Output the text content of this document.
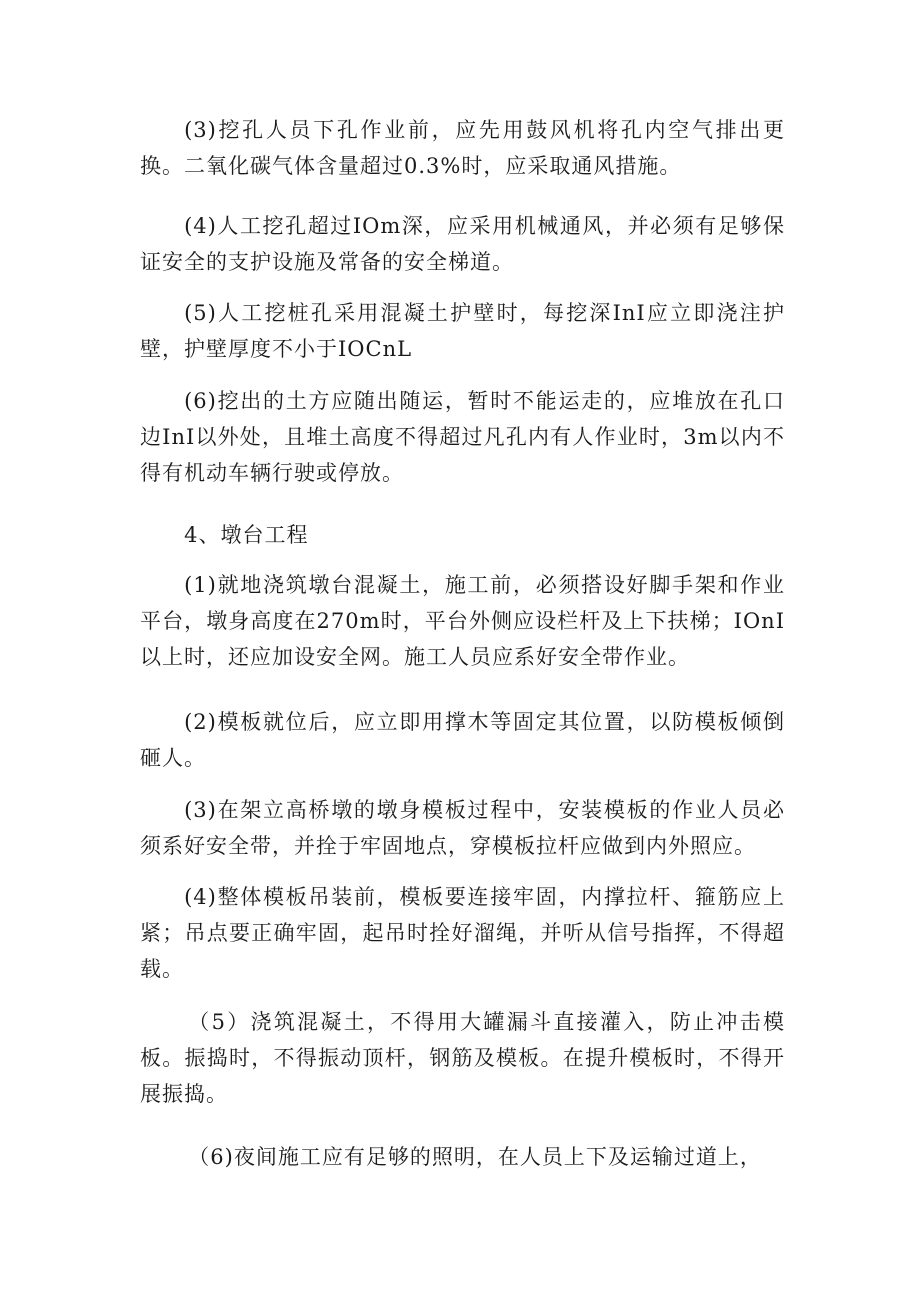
(3)挖孔人员下孔作业前，应先用鼓风机将孔内空气排出更换。二氧化碳气体含量超过0.3%时，应采取通风措施。

(4)人工挖孔超过IOm深，应采用机械通风，并必须有足够保证安全的支护设施及常备的安全梯道。

(5)人工挖桩孔采用混凝土护壁时，每挖深InI应立即浇注护壁，护壁厚度不小于IOCnL

(6)挖出的土方应随出随运，暂时不能运走的，应堆放在孔口边InI以外处，且堆土高度不得超过凡孔内有人作业时，3m以内不得有机动车辆行驶或停放。

4、墩台工程

(1)就地浇筑墩台混凝土，施工前，必须搭设好脚手架和作业平台，墩身高度在270m时，平台外侧应设栏杆及上下扶梯；IOnI以上时，还应加设安全网。施工人员应系好安全带作业。

(2)模板就位后，应立即用撑木等固定其位置，以防模板倾倒砸人。

(3)在架立高桥墩的墩身模板过程中，安装模板的作业人员必须系好安全带，并拴于牢固地点，穿模板拉杆应做到内外照应。

(4)整体模板吊装前，模板要连接牢固，内撑拉杆、箍筋应上紧；吊点要正确牢固，起吊时拴好溜绳，并听从信号指挥，不得超载。

（5）浇筑混凝土，不得用大罐漏斗直接灌入，防止冲击模板。振捣时，不得振动顶杆，钢筋及模板。在提升模板时，不得开展振捣。

（6)夜间施工应有足够的照明，在人员上下及运输过道上，
